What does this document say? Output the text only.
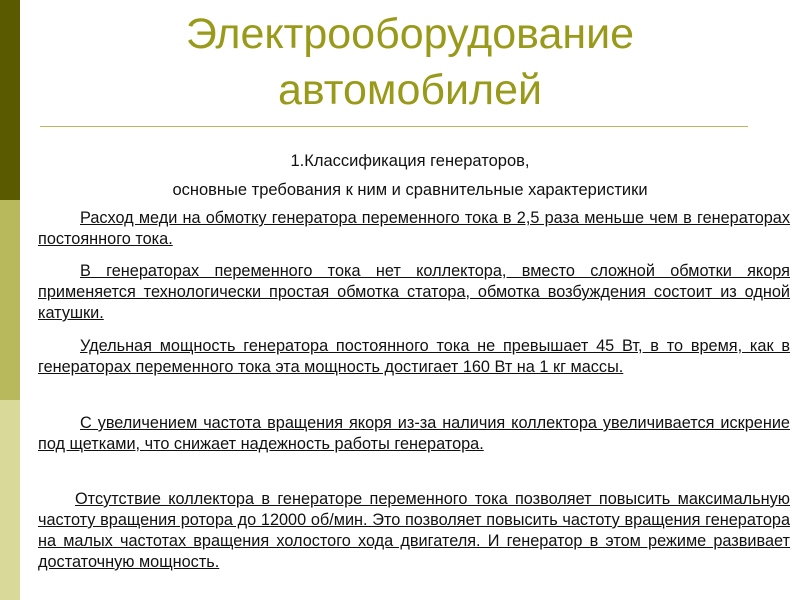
Электрооборудование
автомобилей

1.Классификация генераторов,

основные требования к ним и сравнительные характеристики

Расход меди на обмотку генератора переменного тока в 2,5 раза меньше чем в генераторах постоянного тока.

В генераторах переменного тока нет коллектора, вместо сложной обмотки якоря применяется технологически простая обмотка статора, обмотка возбуждения состоит из одной катушки.

Удельная мощность генератора постоянного тока не превышает 45 Вт, в то время, как в генераторах переменного тока эта мощность достигает 160 Вт на 1 кг массы.

С увеличением частота вращения якоря из-за наличия коллектора увеличивается искрение под щетками, что снижает надежность работы генератора.

Отсутствие коллектора в генераторе переменного тока позволяет повысить максимальную частоту вращения ротора до 12000 об/мин. Это позволяет повысить частоту вращения генератора на малых частотах вращения холостого хода двигателя. И генератор в этом режиме развивает достаточную мощность.
